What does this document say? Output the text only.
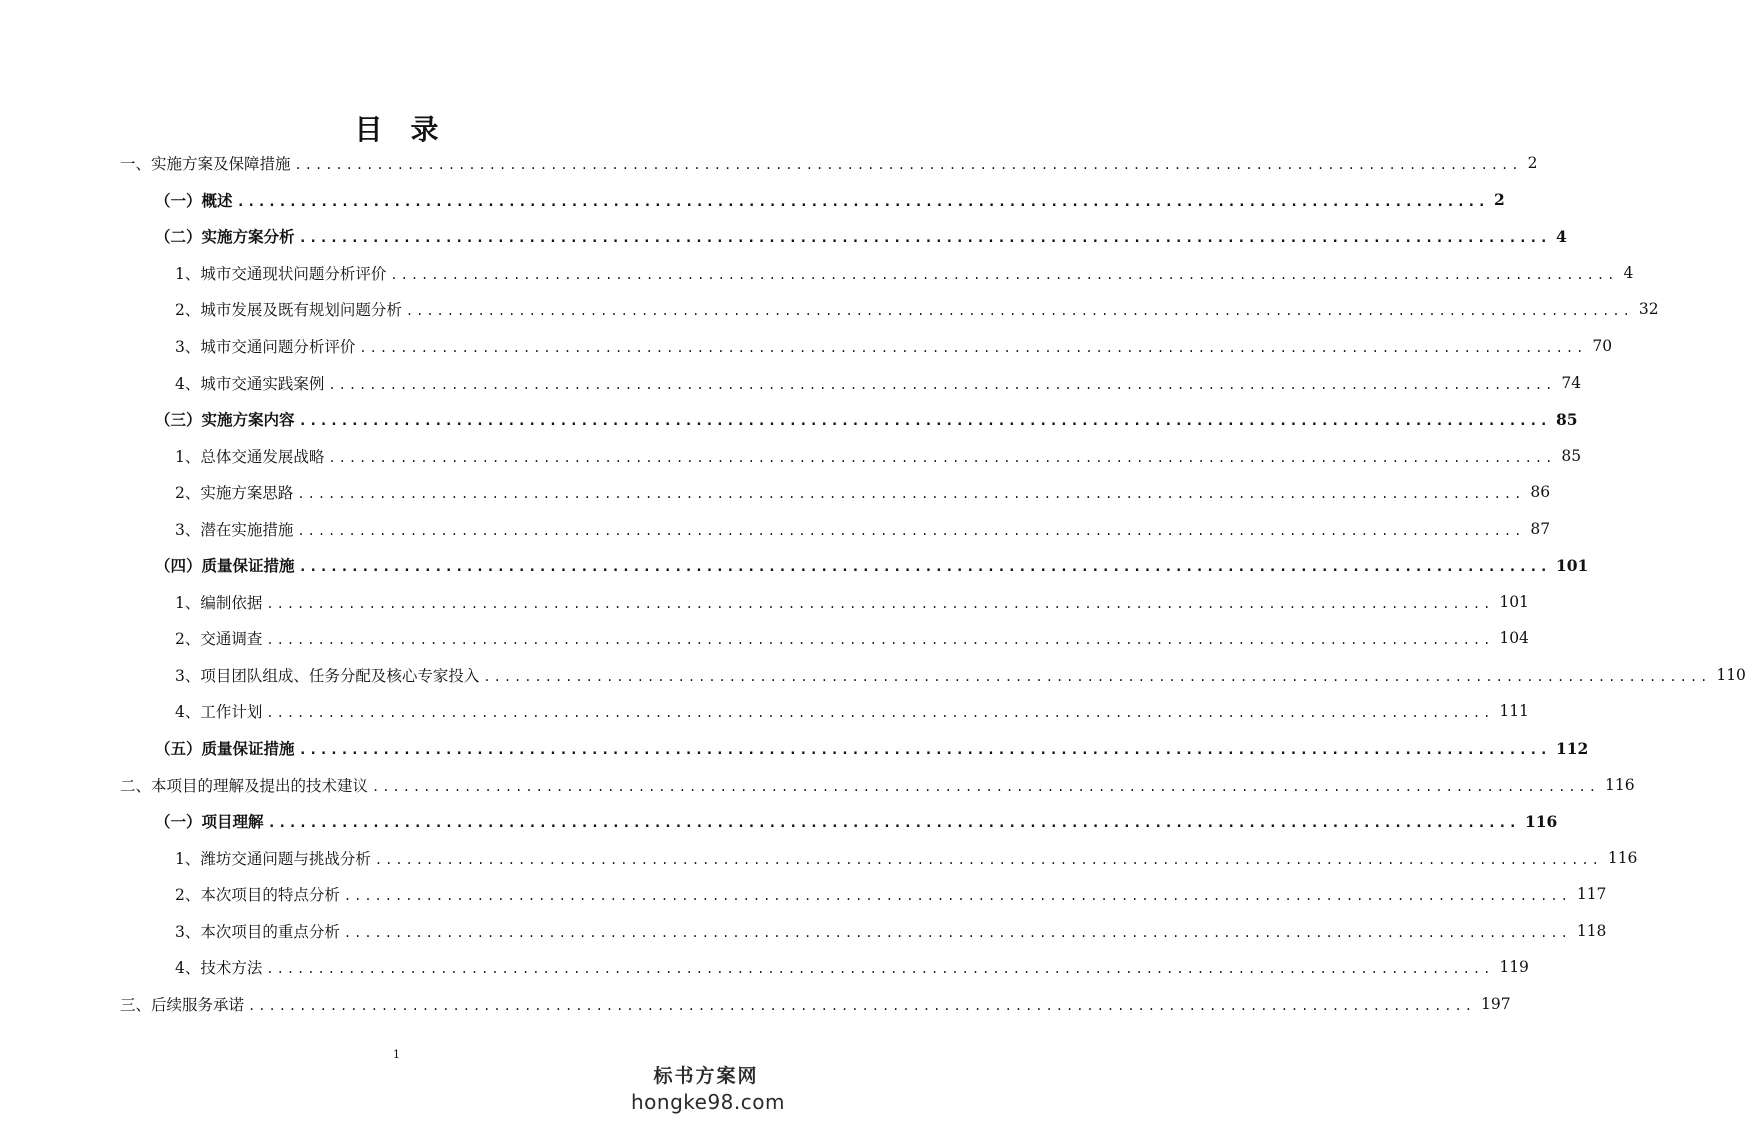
目 录
一、实施方案及保障措施 ........................................................................................................................ 2
（一）概述 ........................................................................................................................ 2
（二）实施方案分析 ........................................................................................................................ 4
1、城市交通现状问题分析评价 ........................................................................................................................ 4
2、城市发展及既有规划问题分析 ........................................................................................................................ 32
3、城市交通问题分析评价 ........................................................................................................................ 70
4、城市交通实践案例 ........................................................................................................................ 74
（三）实施方案内容 ........................................................................................................................ 85
1、总体交通发展战略 ........................................................................................................................ 85
2、实施方案思路 ........................................................................................................................ 86
3、潜在实施措施 ........................................................................................................................ 87
（四）质量保证措施 ........................................................................................................................ 101
1、编制依据 ........................................................................................................................ 101
2、交通调查 ........................................................................................................................ 104
3、项目团队组成、任务分配及核心专家投入 ........................................................................................................................ 110
4、工作计划 ........................................................................................................................ 111
（五）质量保证措施 ........................................................................................................................ 112
二、本项目的理解及提出的技术建议 ........................................................................................................................ 116
（一）项目理解 ........................................................................................................................ 116
1、潍坊交通问题与挑战分析 ........................................................................................................................ 116
2、本次项目的特点分析 ........................................................................................................................ 117
3、本次项目的重点分析 ........................................................................................................................ 118
4、技术方法 ........................................................................................................................ 119
三、后续服务承诺 ........................................................................................................................ 197
1
标书方案网
hongke98.com
